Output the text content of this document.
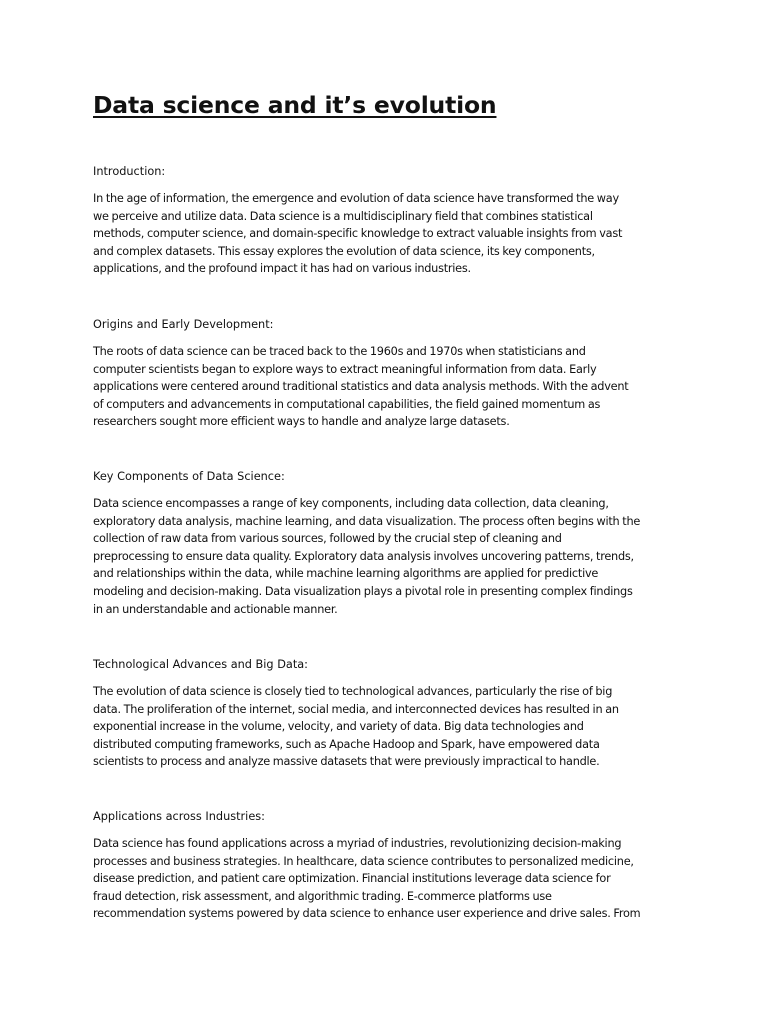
Data science and it’s evolution
Introduction:

In the age of information, the emergence and evolution of data science have transformed the way
we perceive and utilize data. Data science is a multidisciplinary field that combines statistical
methods, computer science, and domain-specific knowledge to extract valuable insights from vast
and complex datasets. This essay explores the evolution of data science, its key components,
applications, and the profound impact it has had on various industries.

Origins and Early Development:

The roots of data science can be traced back to the 1960s and 1970s when statisticians and
computer scientists began to explore ways to extract meaningful information from data. Early
applications were centered around traditional statistics and data analysis methods. With the advent
of computers and advancements in computational capabilities, the field gained momentum as
researchers sought more efficient ways to handle and analyze large datasets.

Key Components of Data Science:

Data science encompasses a range of key components, including data collection, data cleaning,
exploratory data analysis, machine learning, and data visualization. The process often begins with the
collection of raw data from various sources, followed by the crucial step of cleaning and
preprocessing to ensure data quality. Exploratory data analysis involves uncovering patterns, trends,
and relationships within the data, while machine learning algorithms are applied for predictive
modeling and decision-making. Data visualization plays a pivotal role in presenting complex findings
in an understandable and actionable manner.

Technological Advances and Big Data:

The evolution of data science is closely tied to technological advances, particularly the rise of big
data. The proliferation of the internet, social media, and interconnected devices has resulted in an
exponential increase in the volume, velocity, and variety of data. Big data technologies and
distributed computing frameworks, such as Apache Hadoop and Spark, have empowered data
scientists to process and analyze massive datasets that were previously impractical to handle.

Applications across Industries:

Data science has found applications across a myriad of industries, revolutionizing decision-making
processes and business strategies. In healthcare, data science contributes to personalized medicine,
disease prediction, and patient care optimization. Financial institutions leverage data science for
fraud detection, risk assessment, and algorithmic trading. E-commerce platforms use
recommendation systems powered by data science to enhance user experience and drive sales. From
